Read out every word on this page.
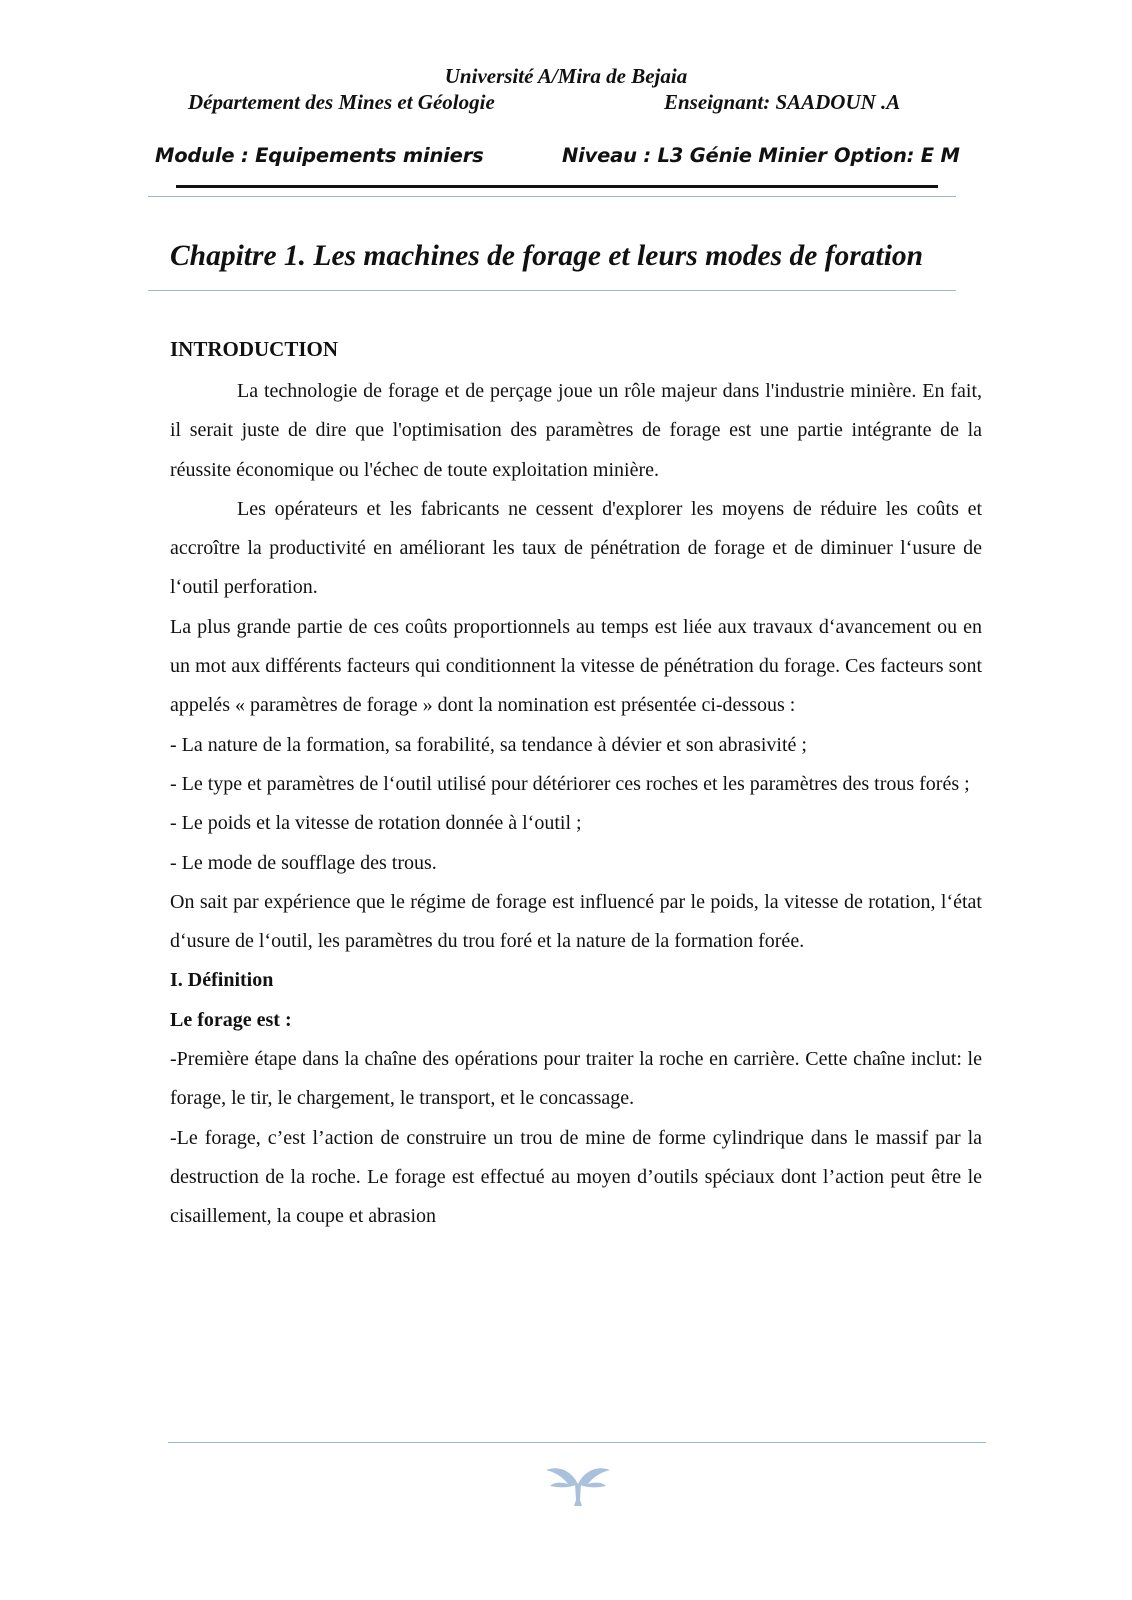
Université A/Mira de Bejaia
Département des Mines et Géologie	Enseignant: SAADOUN .A
Module : Equipements miniers	Niveau : L3 Génie Minier Option: E M
Chapitre 1. Les machines de forage et leurs modes de foration
INTRODUCTION

La technologie de forage et de perçage joue un rôle majeur dans l'industrie minière. En fait, il serait juste de dire que l'optimisation des paramètres de forage est une partie intégrante de la réussite économique ou l'échec de toute exploitation minière.

Les opérateurs et les fabricants ne cessent d'explorer les moyens de réduire les coûts et accroître la productivité en améliorant les taux de pénétration de forage et de diminuer l‘usure de l‘outil perforation.

La plus grande partie de ces coûts proportionnels au temps est liée aux travaux d‘avancement ou en un mot aux différents facteurs qui conditionnent la vitesse de pénétration du forage. Ces facteurs sont appelés « paramètres de forage » dont la nomination est présentée ci-dessous :

- La nature de la formation, sa forabilité, sa tendance à dévier et son abrasivité ;

- Le type et paramètres de l‘outil utilisé pour détériorer ces roches et les paramètres des trous forés ;

- Le poids et la vitesse de rotation donnée à l‘outil ;

- Le mode de soufflage des trous.

On sait par expérience que le régime de forage est influencé par le poids, la vitesse de rotation, l‘état d‘usure de l‘outil, les paramètres du trou foré et la nature de la formation forée.

I. Définition

Le forage est :

-Première étape dans la chaîne des opérations pour traiter la roche en carrière. Cette chaîne inclut: le forage, le tir, le chargement, le transport, et le concassage.

-Le forage, c’est l’action de construire un trou de mine de forme cylindrique dans le massif par la destruction de la roche. Le forage est effectué au moyen d’outils spéciaux dont l’action peut être le cisaillement, la coupe et abrasion
